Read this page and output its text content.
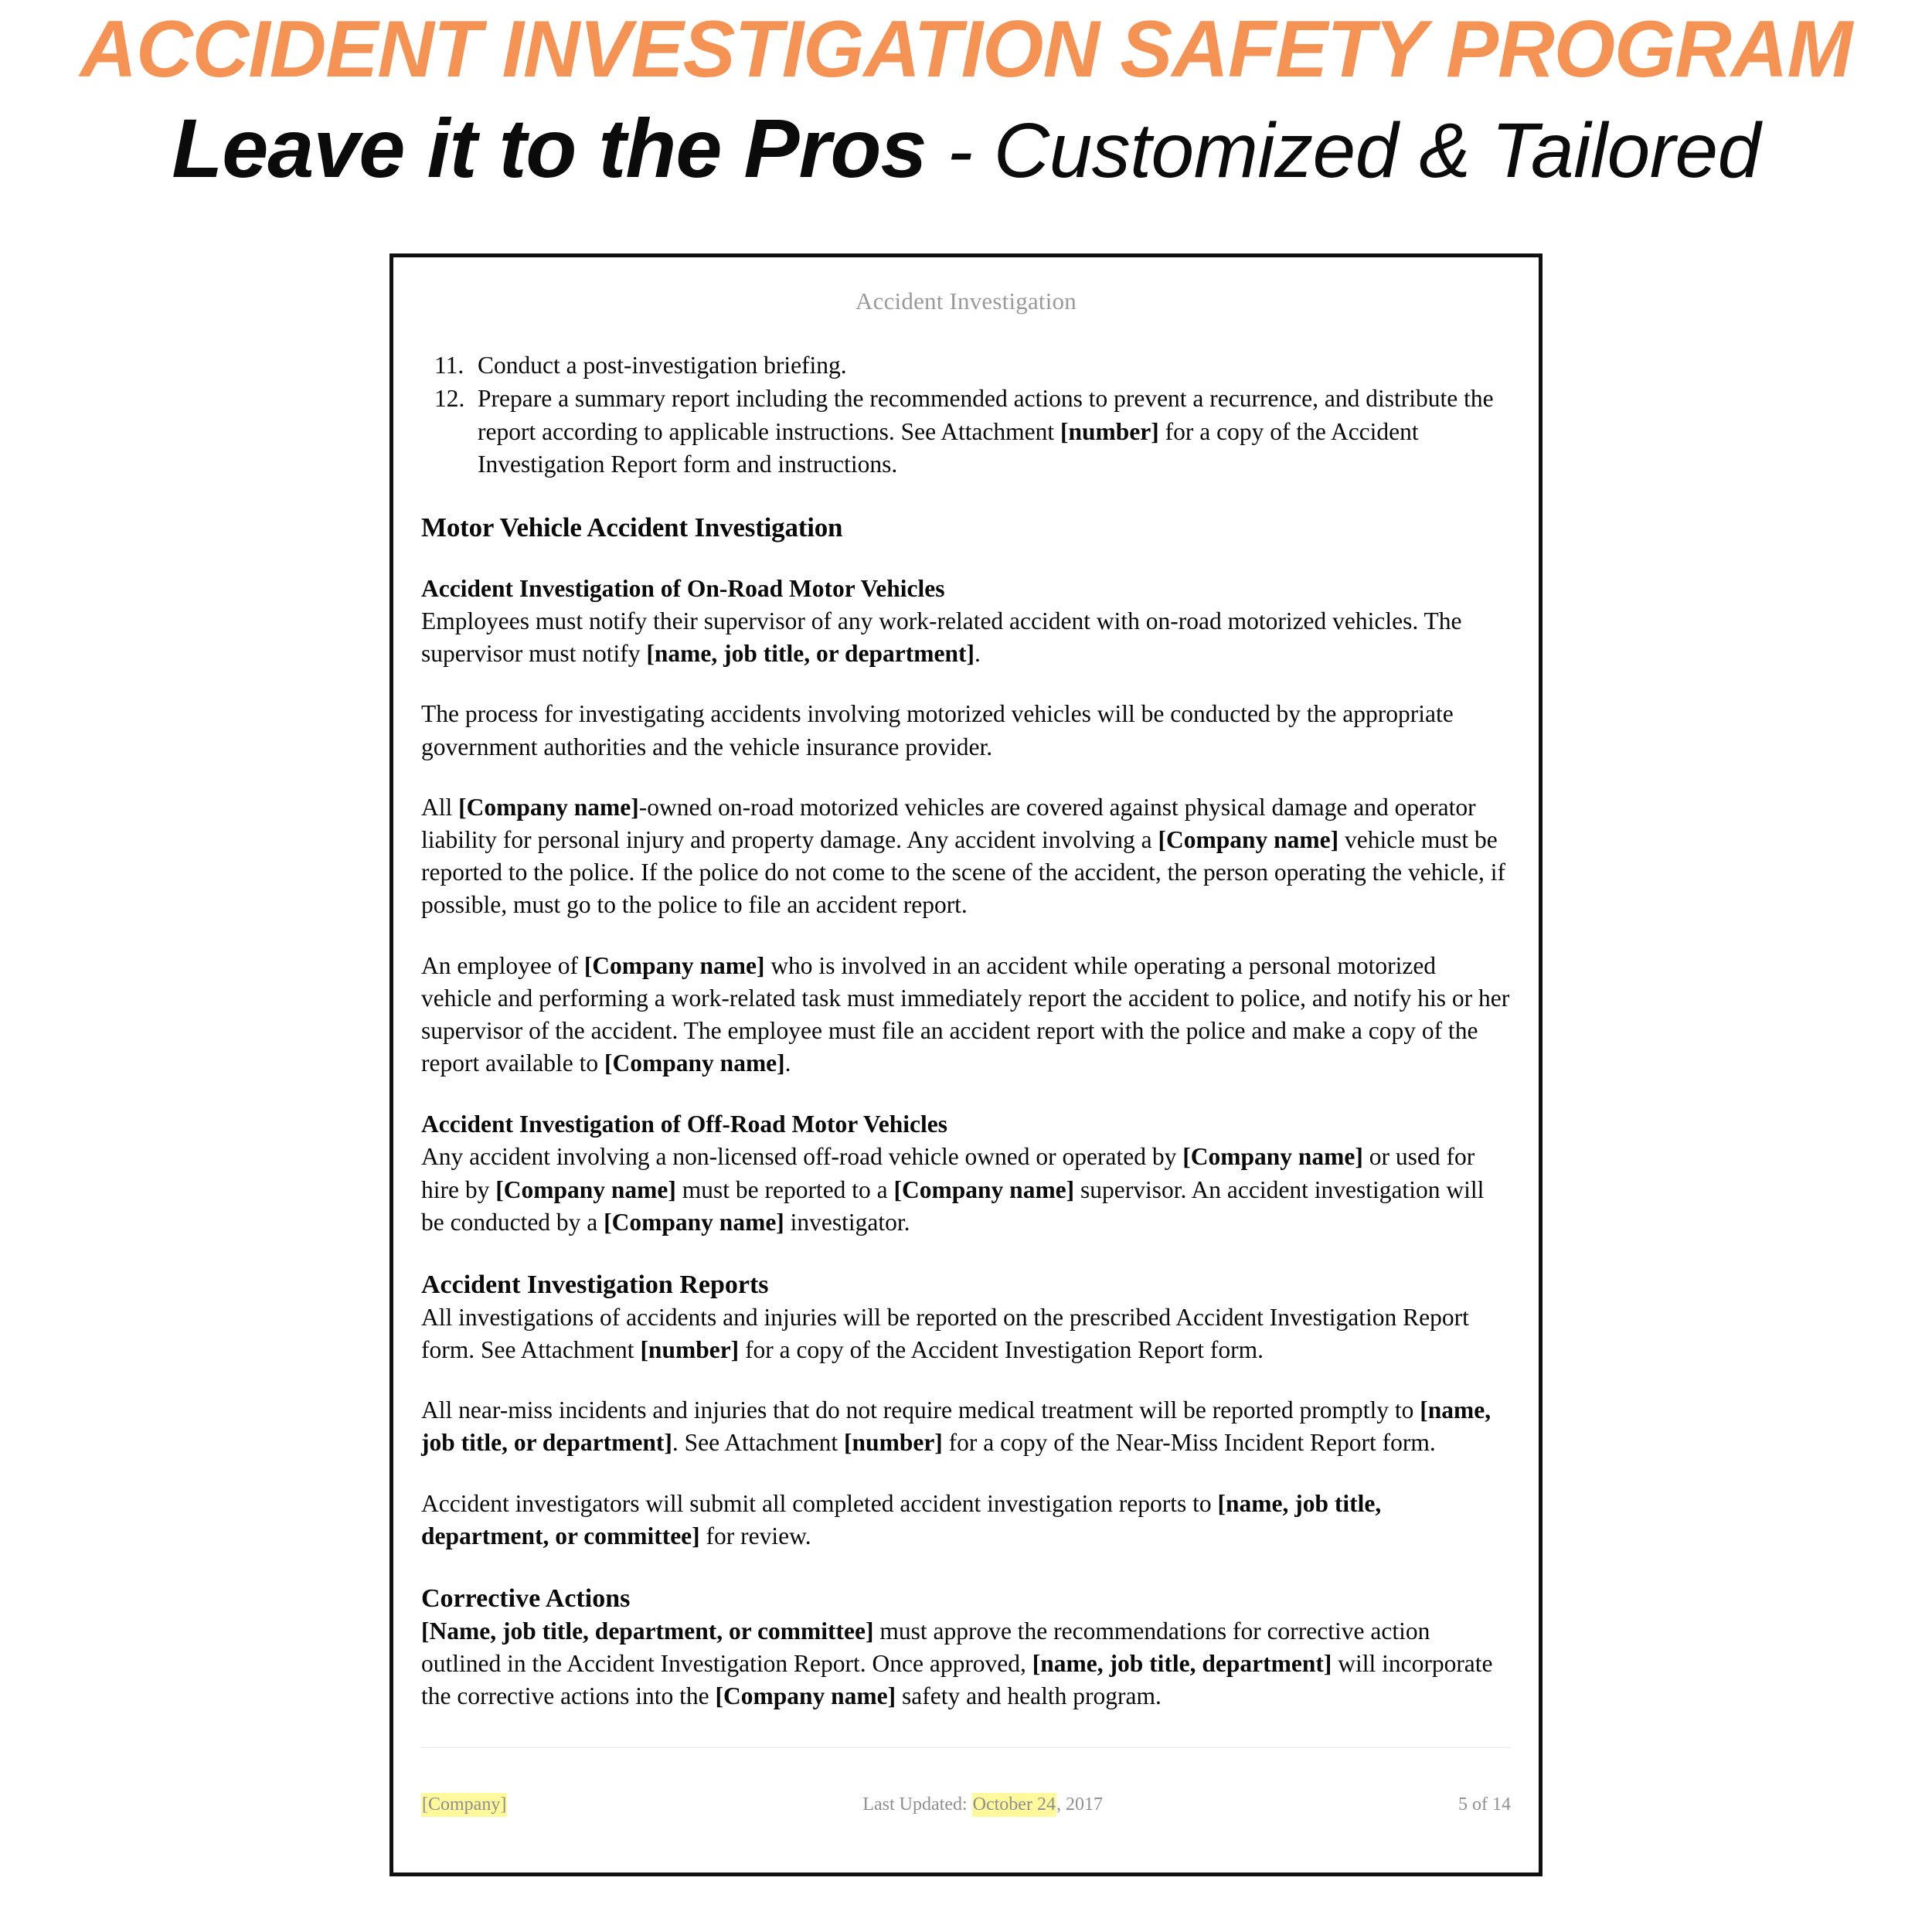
ACCIDENT INVESTIGATION SAFETY PROGRAM
Leave it to the Pros - Customized & Tailored
Accident Investigation
11. Conduct a post-investigation briefing.
12. Prepare a summary report including the recommended actions to prevent a recurrence, and distribute the report according to applicable instructions. See Attachment [number] for a copy of the Accident Investigation Report form and instructions.
Motor Vehicle Accident Investigation
Accident Investigation of On-Road Motor Vehicles

Employees must notify their supervisor of any work-related accident with on-road motorized vehicles. The supervisor must notify [name, job title, or department].

The process for investigating accidents involving motorized vehicles will be conducted by the appropriate government authorities and the vehicle insurance provider.

All [Company name]-owned on-road motorized vehicles are covered against physical damage and operator liability for personal injury and property damage. Any accident involving a [Company name] vehicle must be reported to the police. If the police do not come to the scene of the accident, the person operating the vehicle, if possible, must go to the police to file an accident report.

An employee of [Company name] who is involved in an accident while operating a personal motorized vehicle and performing a work-related task must immediately report the accident to police, and notify his or her supervisor of the accident. The employee must file an accident report with the police and make a copy of the report available to [Company name].

Accident Investigation of Off-Road Motor Vehicles

Any accident involving a non-licensed off-road vehicle owned or operated by [Company name] or used for hire by [Company name] must be reported to a [Company name] supervisor. An accident investigation will be conducted by a [Company name] investigator.

Accident Investigation Reports

All investigations of accidents and injuries will be reported on the prescribed Accident Investigation Report form. See Attachment [number] for a copy of the Accident Investigation Report form.

All near-miss incidents and injuries that do not require medical treatment will be reported promptly to [name, job title, or department]. See Attachment [number] for a copy of the Near-Miss Incident Report form.

Accident investigators will submit all completed accident investigation reports to [name, job title, department, or committee] for review.

Corrective Actions

[Name, job title, department, or committee] must approve the recommendations for corrective action outlined in the Accident Investigation Report. Once approved, [name, job title, department] will incorporate the corrective actions into the [Company name] safety and health program.

[Company]	Last Updated: October 24, 2017	5 of 14
